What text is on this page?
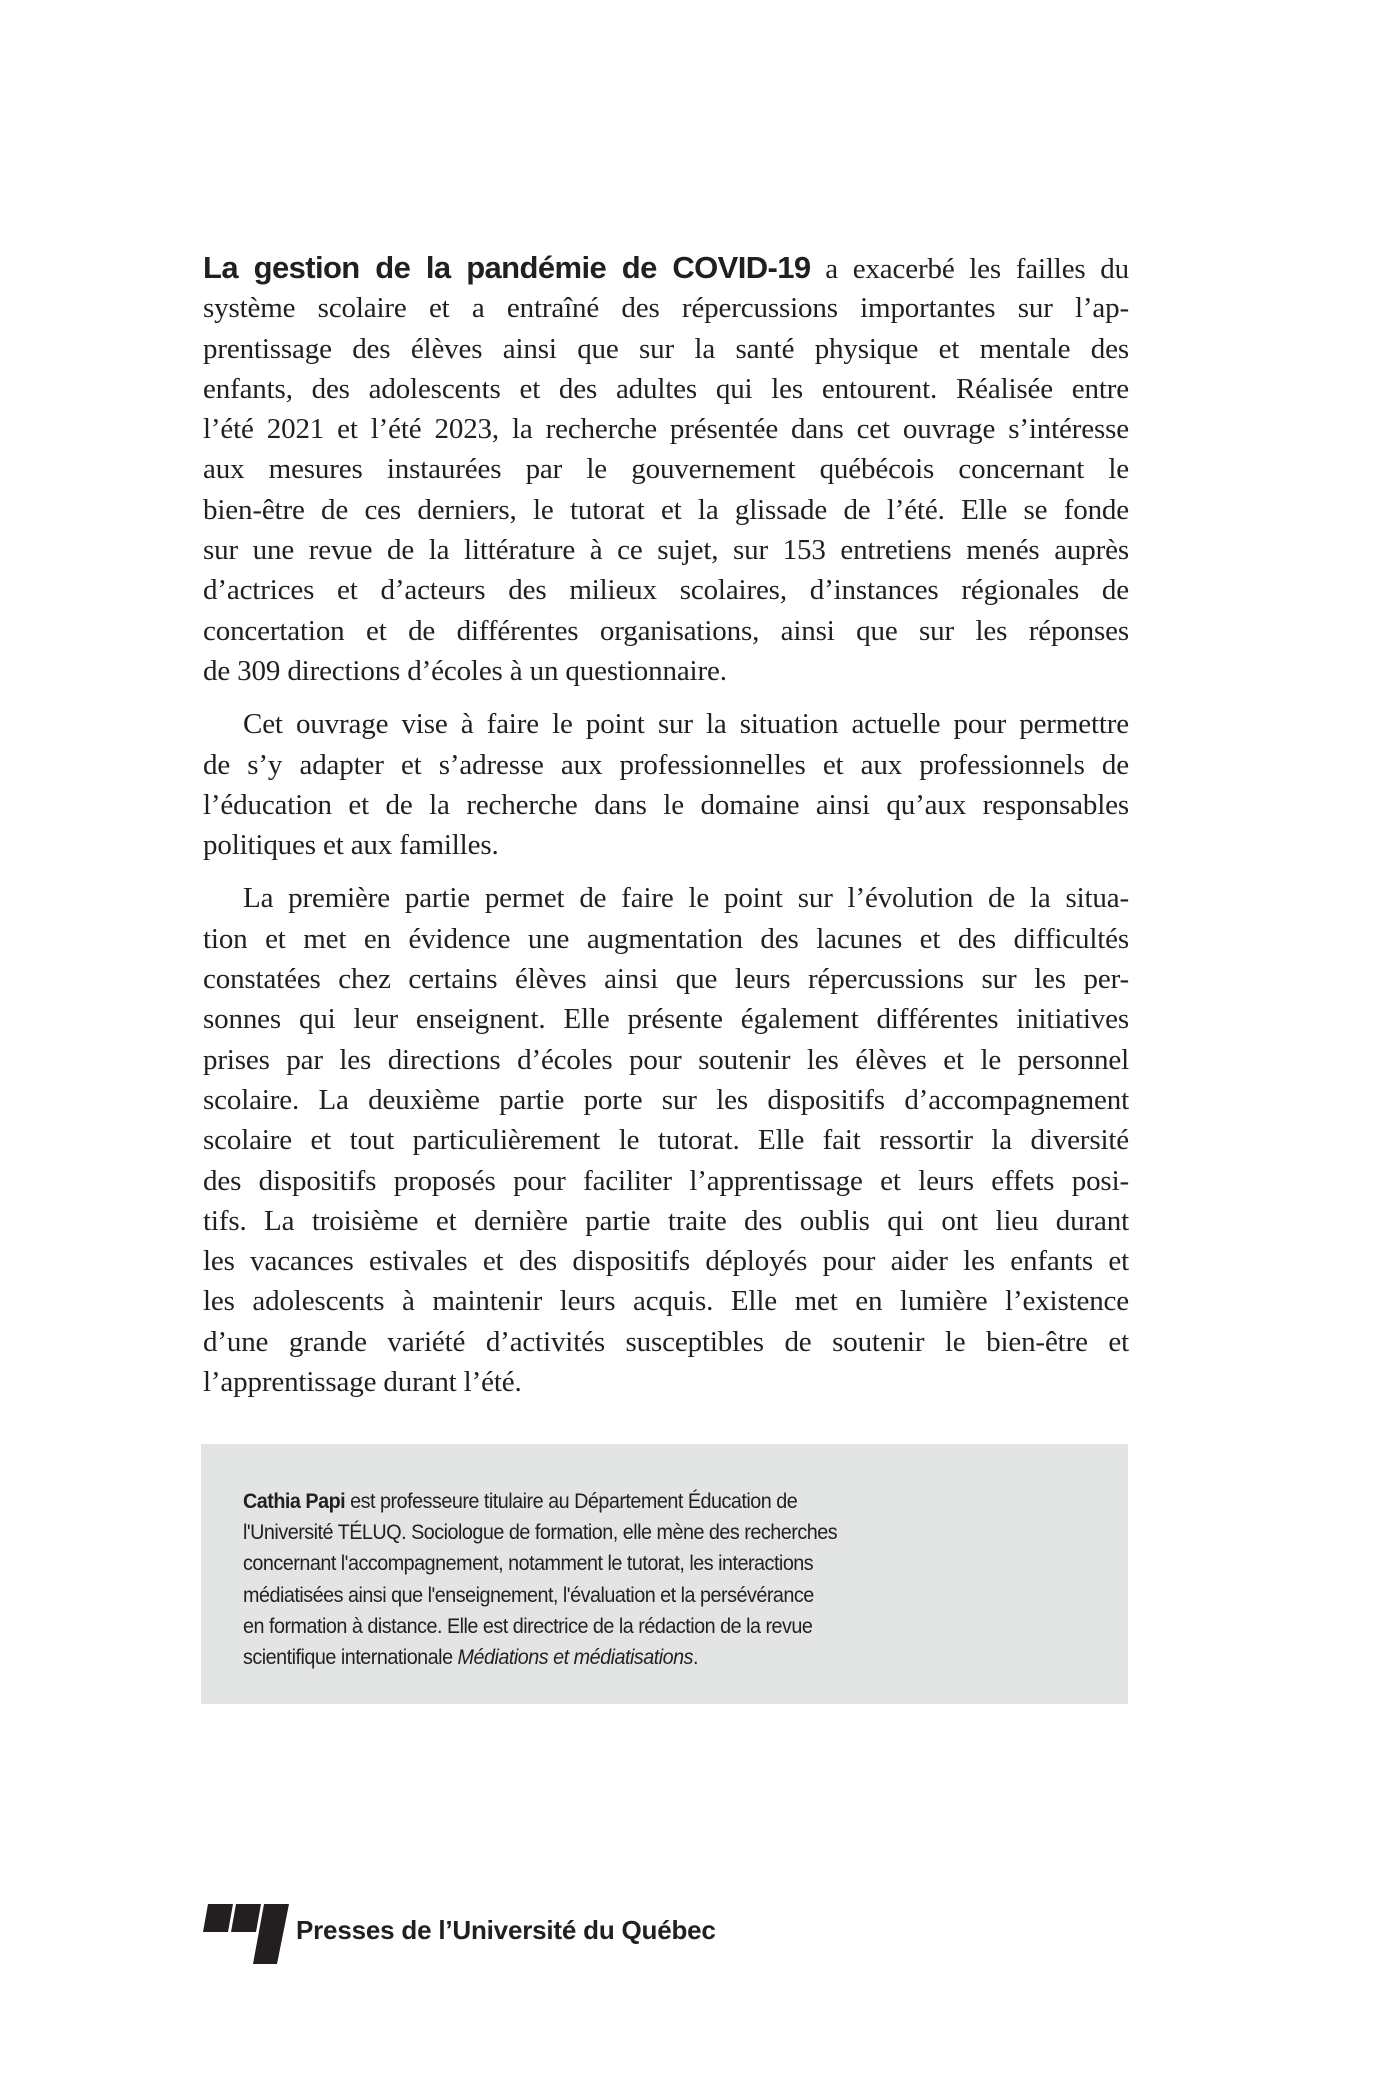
La gestion de la pandémie de COVID-19 a exacerbé les failles du
système scolaire et a entraîné des répercussions importantes sur l’ap-
prentissage des élèves ainsi que sur la santé physique et mentale des
enfants, des adolescents et des adultes qui les entourent. Réalisée entre
l’été 2021 et l’été 2023, la recherche présentée dans cet ouvrage s’intéresse
aux mesures instaurées par le gouvernement québécois concernant le
bien-être de ces derniers, le tutorat et la glissade de l’été. Elle se fonde
sur une revue de la littérature à ce sujet, sur 153 entretiens menés auprès
d’actrices et d’acteurs des milieux scolaires, d’instances régionales de
concertation et de différentes organisations, ainsi que sur les réponses
de 309 directions d’écoles à un questionnaire.
Cet ouvrage vise à faire le point sur la situation actuelle pour permettre
de s’y adapter et s’adresse aux professionnelles et aux professionnels de
l’éducation et de la recherche dans le domaine ainsi qu’aux responsables
politiques et aux familles.
La première partie permet de faire le point sur l’évolution de la situa-
tion et met en évidence une augmentation des lacunes et des difficultés
constatées chez certains élèves ainsi que leurs répercussions sur les per-
sonnes qui leur enseignent. Elle présente également différentes initiatives
prises par les directions d’écoles pour soutenir les élèves et le personnel
scolaire. La deuxième partie porte sur les dispositifs d’accompagnement
scolaire et tout particulièrement le tutorat. Elle fait ressortir la diversité
des dispositifs proposés pour faciliter l’apprentissage et leurs effets posi-
tifs. La troisième et dernière partie traite des oublis qui ont lieu durant
les vacances estivales et des dispositifs déployés pour aider les enfants et
les adolescents à maintenir leurs acquis. Elle met en lumière l’existence
d’une grande variété d’activités susceptibles de soutenir le bien-être et
l’apprentissage durant l’été.
Cathia Papi est professeure titulaire au Département Éducation de
l'Université TÉLUQ. Sociologue de formation, elle mène des recherches
concernant l'accompagnement, notamment le tutorat, les interactions
médiatisées ainsi que l'enseignement, l'évaluation et la persévérance
en formation à distance. Elle est directrice de la rédaction de la revue
scientifique internationale Médiations et médiatisations.
Presses de l’Université du Québec
